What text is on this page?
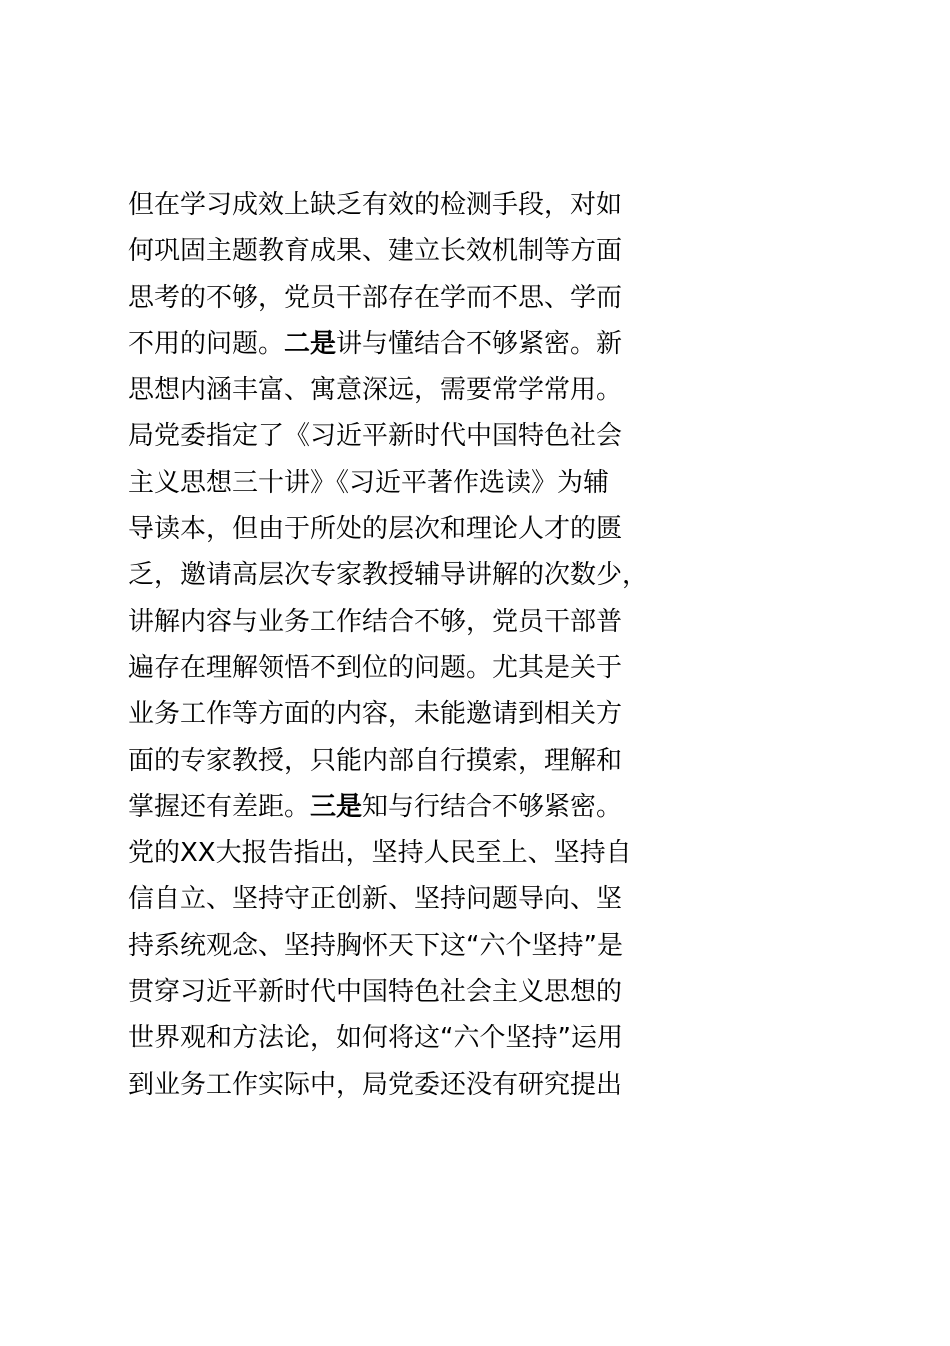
但在学习成效上缺乏有效的检测手段，对如
何巩固主题教育成果、建立长效机制等方面
思考的不够，党员干部存在学而不思、学而
不用的问题。二是讲与懂结合不够紧密。新
思想内涵丰富、寓意深远，需要常学常用。
局党委指定了《习近平新时代中国特色社会
主义思想三十讲》《习近平著作选读》为辅
导读本，但由于所处的层次和理论人才的匮
乏，邀请高层次专家教授辅导讲解的次数少，
讲解内容与业务工作结合不够，党员干部普
遍存在理解领悟不到位的问题。尤其是关于
业务工作等方面的内容，未能邀请到相关方
面的专家教授，只能内部自行摸索，理解和
掌握还有差距。三是知与行结合不够紧密。
党的XX大报告指出，坚持人民至上、坚持自
信自立、坚持守正创新、坚持问题导向、坚
持系统观念、坚持胸怀天下这“六个坚持”是
贯穿习近平新时代中国特色社会主义思想的
世界观和方法论，如何将这“六个坚持”运用
到业务工作实际中，局党委还没有研究提出
